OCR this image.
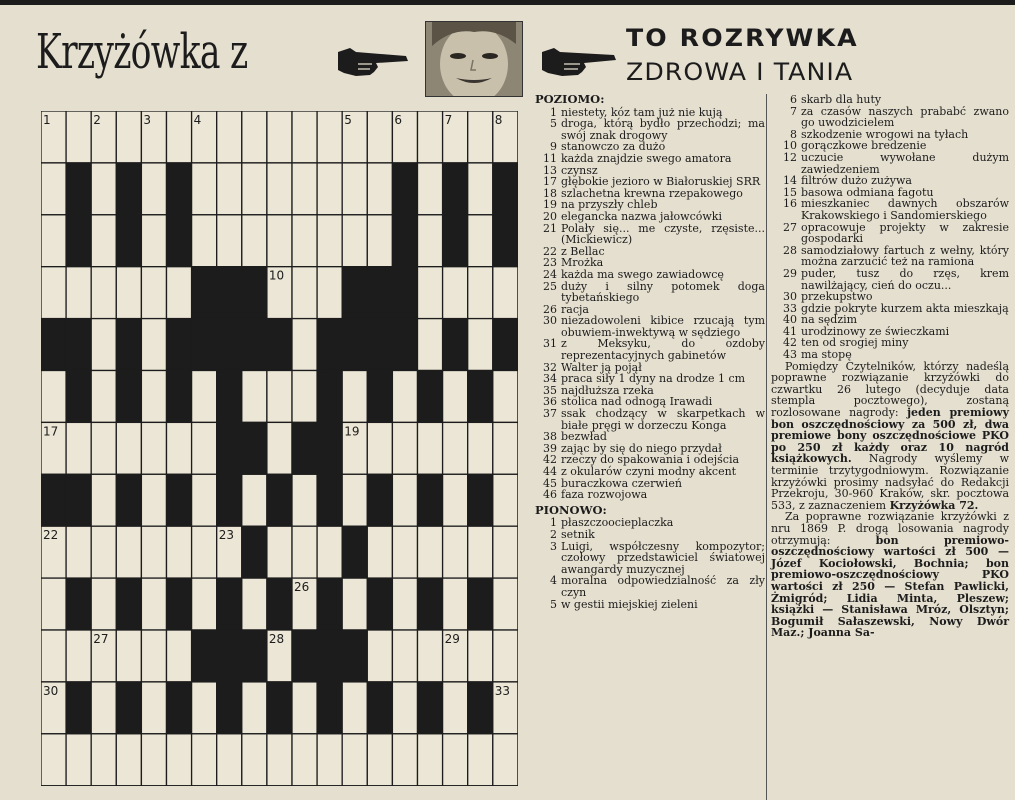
Krzyżówka z	TO ROZRYWKA
ZDROWA I TANIA
1	2	3	4	5	6	7	8
9	10
11	12	13 14
15	16
17	18	19
20	21
22	23	24
25	26
27	28	29
30	31	32	33
POZIOMO:
1 niestety, kóz tam już nie kują
5 droga, którą bydło przechodzi; ma swój znak drogowy
9 stanowczo za dużo
11 każda znajdzie swego amatora
13 czynsz
17 głębokie jezioro w Białoruskiej SRR
18 szlachetna krewna rzepakowego
19 na przyszły chleb
20 elegancka nazwa jałowcówki
21 Polały się... me czyste, rzęsiste... (Mickiewicz)
22 z Bellac
23 Mrożka
24 każda ma swego zawiadowcę
25 duży i silny potomek doga tybetańskiego
26 racja
30 niezadowoleni kibice rzucają tym obuwiem-inwektywą w sędziego
31 z Meksyku, do ozdoby reprezentacyjnych gabinetów
32 Walter ją pojął
34 praca siły 1 dyny na drodze 1 cm
35 najdłuższa rzeka
36 stolica nad odnogą Irawadi
37 ssak chodzący w skarpetkach w białe pręgi w dorzeczu Konga
38 bezwład
39 zając by się do niego przydał
42 rzeczy do spakowania i odejścia
44 z okularów czyni modny akcent
45 buraczkowa czerwień
46 faza rozwojowa
PIONOWO:
1 płaszczoocieplaczka
2 setnik
3 Luigi, współczesny kompozytor; czołowy przedstawiciel światowej awangardy muzycznej
4 moralna odpowiedzialność za zły czyn
5 w gestii miejskiej zieleni
6 skarb dla huty
7 za czasów naszych prababć zwano go uwodzicielem
8 szkodzenie wrogowi na tyłach
10 gorączkowe bredzenie
12 uczucie wywołane dużym zawiedzeniem
14 filtrów dużo zużywa
15 basowa odmiana fagotu
16 mieszkaniec dawnych obszarów Krakowskiego i Sandomierskiego
27 opracowuje projekty w zakresie gospodarki
28 samodziałowy fartuch z wełny, który można zarzucić też na ramiona
29 puder, tusz do rzęs, krem nawilżający, cień do oczu...
30 przekupstwo
33 gdzie pokryte kurzem akta mieszkają
40 na sędzim
41 urodzinowy ze świeczkami
42 ten od srogiej miny
43 ma stopę
Pomiędzy Czytelników, którzy nadeślą poprawne rozwiązanie krzyżówki do czwartku 26 lutego (decyduje data stempla pocztowego), zostaną rozlosowane nagrody: jeden premiowy bon oszczędnościowy za 500 zł, dwa premiowe bony oszczędnościowe PKO po 250 zł każdy oraz 10 nagród książkowych. Nagrody wyślemy w terminie trzytygodniowym. Rozwiązanie krzyżówki prosimy nadsyłać do Redakcji Przekroju, 30-960 Kraków, skr. pocztowa 533, z zaznaczeniem Krzyżówka 72.
Za poprawne rozwiązanie krzyżówki z nru 1869 P. drogą losowania nagrody otrzymują: bon premiowo-oszczędnościowy wartości zł 500 — Józef Kociołowski, Bochnia; bon premiowo-oszczędnościowy PKO wartości zł 250 — Stefan Pawlicki, Żmigród; Lidia Minta, Pleszew; książki — Stanisława Mróz, Olsztyn; Bogumił Sałaszewski, Nowy Dwór Maz.; Joanna Sa-
